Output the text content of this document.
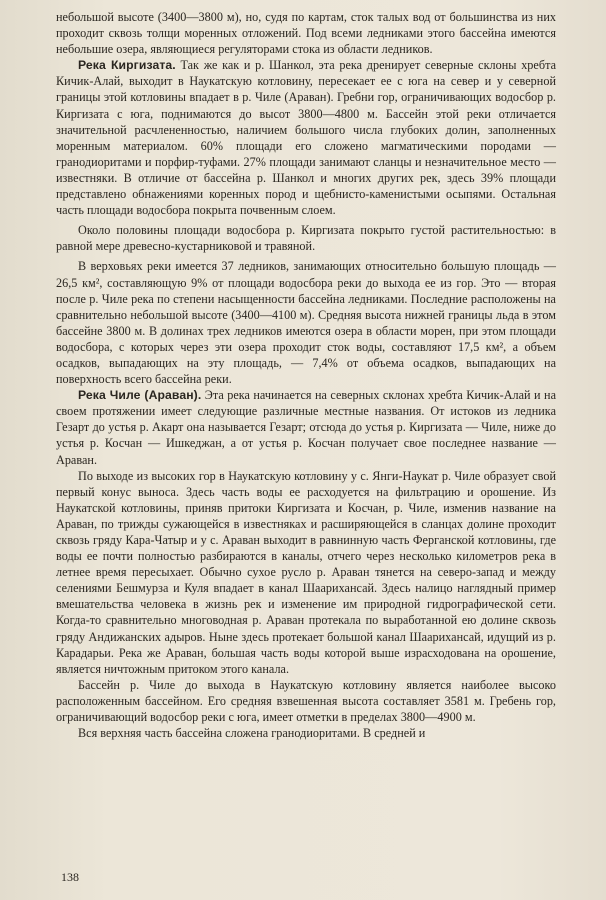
небольшой высоте (3400—3800 м), но, судя по картам, сток талых вод от большинства из них проходит сквозь толщи моренных отложений. Под всеми ледниками этого бассейна имеются небольшие озера, являющиеся регуляторами стока из области ледников.

Река Киргизата. Так же как и р. Шанкол, эта река дренирует северные склоны хребта Кичик-Алай, выходит в Наукатскую котловину, пересекает ее с юга на север и у северной границы этой котловины впадает в р. Чиле (Араван). Гребни гор, ограничивающих водосбор р. Киргизата с юга, поднимаются до высот 3800—4800 м. Бассейн этой реки отличается значительной расчлененностью, наличием большого числа глубоких долин, заполненных моренным материалом. 60% площади его сложено магматическими породами — гранодиоритами и порфир-туфами. 27% площади занимают сланцы и незначительное место — известняки. В отличие от бассейна р. Шанкол и многих других рек, здесь 39% площади представлено обнажениями коренных пород и щебнисто-каменистыми осыпями. Остальная часть площади водосбора покрыта почвенным слоем.

Около половины площади водосбора р. Киргизата покрыто густой растительностью: в равной мере древесно-кустарниковой и травяной.

В верховьях реки имеется 37 ледников, занимающих относительно большую площадь — 26,5 км², составляющую 9% от площади водосбора реки до выхода ее из гор. Это — вторая после р. Чиле река по степени насыщенности бассейна ледниками. Последние расположены на сравнительно небольшой высоте (3400—4100 м). Средняя высота нижней границы льда в этом бассейне 3800 м. В долинах трех ледников имеются озера в области морен, при этом площади водосбора, с которых через эти озера проходит сток воды, составляют 17,5 км², а объем осадков, выпадающих на эту площадь, — 7,4% от объема осадков, выпадающих на поверхность всего бассейна реки.

Река Чиле (Араван). Эта река начинается на северных склонах хребта Кичик-Алай и на своем протяжении имеет следующие различные местные названия. От истоков из ледника Гезарт до устья р. Акарт она называется Гезарт; отсюда до устья р. Киргизата — Чиле, ниже до устья р. Косчан — Ишкеджан, а от устья р. Косчан получает свое последнее название — Араван.

По выходе из высоких гор в Наукатскую котловину у с. Янги-Наукат р. Чиле образует свой первый конус выноса. Здесь часть воды ее расходуется на фильтрацию и орошение. Из Наукатской котловины, приняв притоки Киргизата и Косчан, р. Чиле, изменив название на Араван, по трижды сужающейся в известняках и расширяющейся в сланцах долине проходит сквозь гряду Кара-Чатыр и у с. Араван выходит в равнинную часть Ферганской котловины, где воды ее почти полностью разбираются в каналы, отчего через несколько километров река в летнее время пересыхает. Обычно сухое русло р. Араван тянется на северо-запад и между селениями Бешмурза и Куля впадает в канал Шаарихансай. Здесь налицо наглядный пример вмешательства человека в жизнь рек и изменение им природной гидрографической сети. Когда-то сравнительно многоводная р. Араван протекала по выработанной ею долине сквозь гряду Андижанских адыров. Ныне здесь протекает большой канал Шаарихансай, идущий из р. Карадарьи. Река же Араван, большая часть воды которой выше израсходована на орошение, является ничтожным притоком этого канала.

Бассейн р. Чиле до выхода в Наукатскую котловину является наиболее высоко расположенным бассейном. Его средняя взвешенная высота составляет 3581 м. Гребень гор, ограничивающий водосбор реки с юга, имеет отметки в пределах 3800—4900 м.

Вся верхняя часть бассейна сложена гранодиоритами. В средней и

138
